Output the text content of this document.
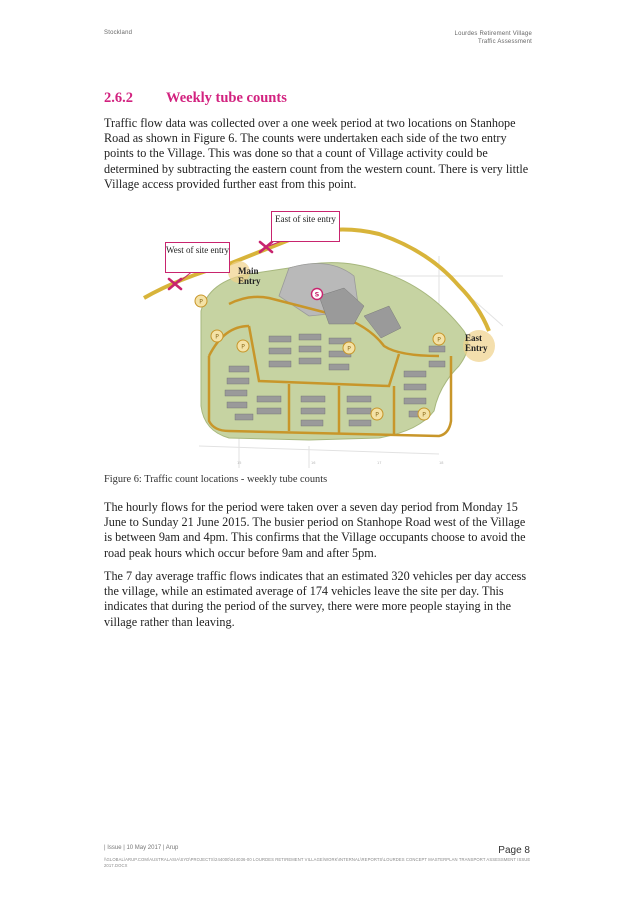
Stockland	Lourdes Retirement Village
Traffic Assessment
2.6.2 Weekly tube counts
Traffic flow data was collected over a one week period at two locations on Stanhope Road as shown in Figure 6. The counts were undertaken each side of the two entry points to the Village. This was done so that a count of Village activity could be determined by subtracting the eastern count from the western count. There is very little Village access provided further east from this point.
P
P
P	P
P
P	P
S
15	16	17	18
West of site entry
East of site entry
Main Entry
East Entry
Figure 6: Traffic count locations - weekly tube counts
The hourly flows for the period were taken over a seven day period from Monday 15 June to Sunday 21 June 2015. The busier period on Stanhope Road west of the Village is between 9am and 4pm. This confirms that the Village occupants choose to avoid the road peak hours which occur before 9am and after 5pm.
The 7 day average traffic flows indicates that an estimated 320 vehicles per day access the village, while an estimated average of 174 vehicles leave the site per day. This indicates that during the period of the survey, there were more people staying in the village rather than leaving.
| Issue | 10 May 2017 | Arup	Page 8
\\GLOBAL\ARUP.COM\AUSTRALASIA\SYD\PROJECTS\244000\244036-00 LOURDES RETIREMENT VILLAGE\WORK\INTERNAL\REPORTS\LOURDES CONCEPT MASTERPLAN TRANSPORT ASSESSMENT ISSUE 2017.DOCX
